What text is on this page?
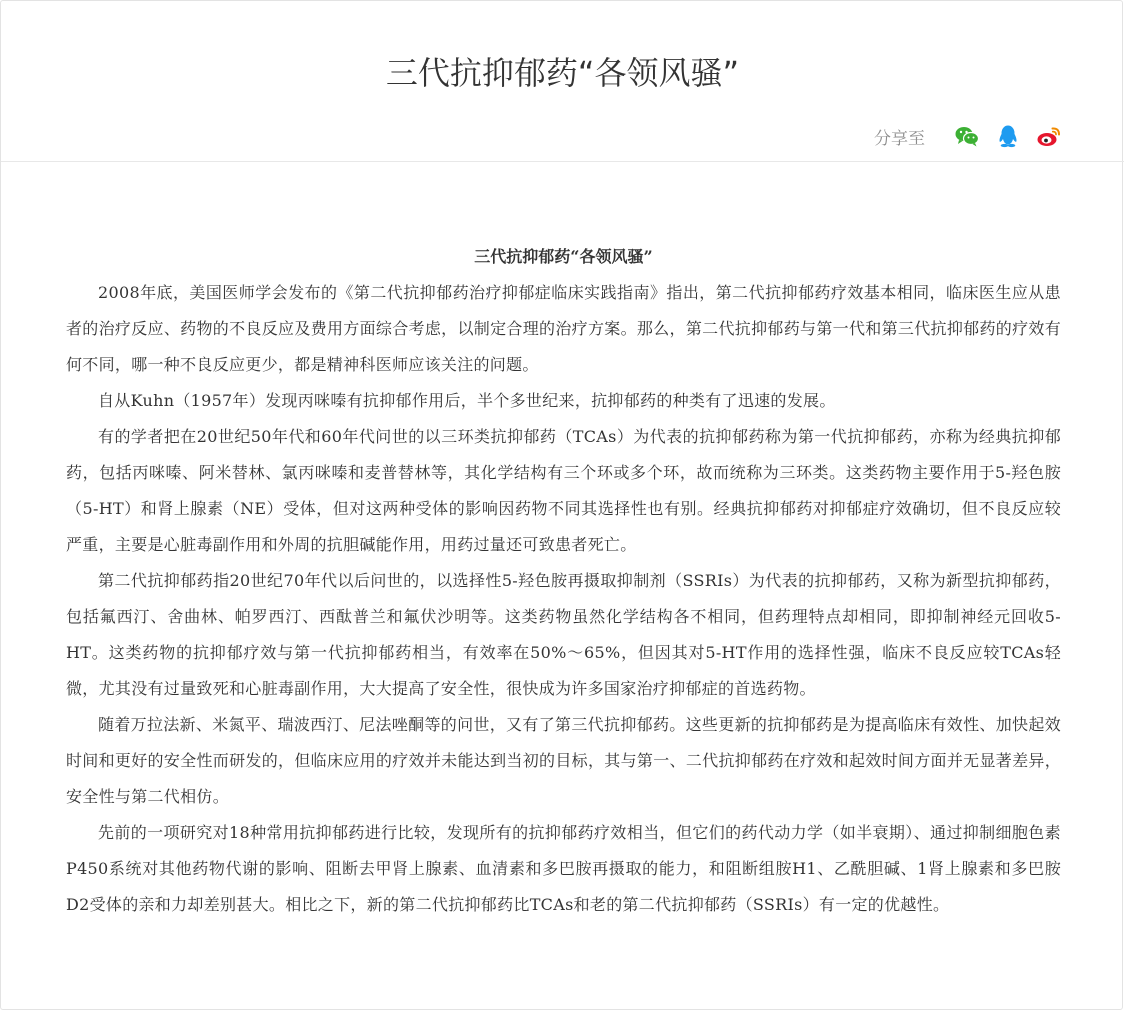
三代抗抑郁药“各领风骚”
分享至
三代抗抑郁药“各领风骚”

2008年底，美国医师学会发布的《第二代抗抑郁药治疗抑郁症临床实践指南》指出，第二代抗抑郁药疗效基本相同，临床医生应从患者的治疗反应、药物的不良反应及费用方面综合考虑，以制定合理的治疗方案。那么，第二代抗抑郁药与第一代和第三代抗抑郁药的疗效有何不同，哪一种不良反应更少，都是精神科医师应该关注的问题。

自从Kuhn（1957年）发现丙咪嗪有抗抑郁作用后，半个多世纪来，抗抑郁药的种类有了迅速的发展。

有的学者把在20世纪50年代和60年代问世的以三环类抗抑郁药（TCAs）为代表的抗抑郁药称为第一代抗抑郁药，亦称为经典抗抑郁药，包括丙咪嗪、阿米替林、氯丙咪嗪和麦普替林等，其化学结构有三个环或多个环，故而统称为三环类。这类药物主要作用于5-羟色胺（5-HT）和肾上腺素（NE）受体，但对这两种受体的影响因药物不同其选择性也有别。经典抗抑郁药对抑郁症疗效确切，但不良反应较严重，主要是心脏毒副作用和外周的抗胆碱能作用，用药过量还可致患者死亡。

第二代抗抑郁药指20世纪70年代以后问世的，以选择性5-羟色胺再摄取抑制剂（SSRIs）为代表的抗抑郁药，又称为新型抗抑郁药，包括氟西汀、舍曲林、帕罗西汀、西酞普兰和氟伏沙明等。这类药物虽然化学结构各不相同，但药理特点却相同，即抑制神经元回收5-HT。这类药物的抗抑郁疗效与第一代抗抑郁药相当，有效率在50%～65%，但因其对5-HT作用的选择性强，临床不良反应较TCAs轻微，尤其没有过量致死和心脏毒副作用，大大提高了安全性，很快成为许多国家治疗抑郁症的首选药物。

随着万拉法新、米氮平、瑞波西汀、尼法唑酮等的问世，又有了第三代抗抑郁药。这些更新的抗抑郁药是为提高临床有效性、加快起效时间和更好的安全性而研发的，但临床应用的疗效并未能达到当初的目标，其与第一、二代抗抑郁药在疗效和起效时间方面并无显著差异，安全性与第二代相仿。

先前的一项研究对18种常用抗抑郁药进行比较，发现所有的抗抑郁药疗效相当，但它们的药代动力学（如半衰期）、通过抑制细胞色素P450系统对其他药物代谢的影响、阻断去甲肾上腺素、血清素和多巴胺再摄取的能力，和阻断组胺H1、乙酰胆碱、1肾上腺素和多巴胺D2受体的亲和力却差别甚大。相比之下，新的第二代抗抑郁药比TCAs和老的第二代抗抑郁药（SSRIs）有一定的优越性。
